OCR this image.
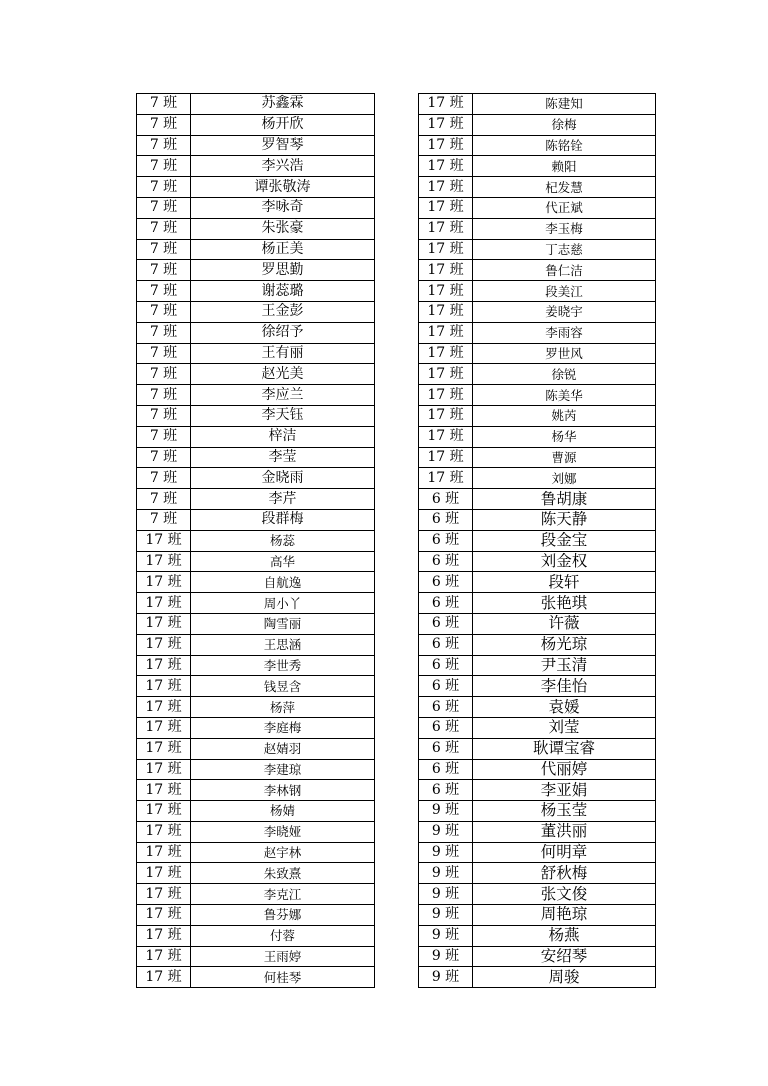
7 班	苏鑫霖
7 班	杨开欣
7 班	罗智琴
7 班	李兴浩
7 班	谭张敬涛
7 班	李咏奇
7 班	朱张豪
7 班	杨正美
7 班	罗思勤
7 班	谢蕊璐
7 班	王金彭
7 班	徐绍予
7 班	王有丽
7 班	赵光美
7 班	李应兰
7 班	李天钰
7 班	梓洁
7 班	李莹
7 班	金晓雨
7 班	李芹
7 班	段群梅
17 班	杨蕊
17 班	高华
17 班	自航逸
17 班	周小丫
17 班	陶雪丽
17 班	王思涵
17 班	李世秀
17 班	钱昱含
17 班	杨萍
17 班	李庭梅
17 班	赵婧羽
17 班	李建琼
17 班	李林钢
17 班	杨婧
17 班	李晓娅
17 班	赵宇林
17 班	朱致熹
17 班	李克江
17 班	鲁芬娜
17 班	付蓉
17 班	王雨婷
17 班	何桂琴
17 班	陈建知
17 班	徐梅
17 班	陈铭铨
17 班	赖阳
17 班	杞发慧
17 班	代正斌
17 班	李玉梅
17 班	丁志慈
17 班	鲁仁洁
17 班	段美江
17 班	姜晓宇
17 班	李雨容
17 班	罗世风
17 班	徐锐
17 班	陈美华
17 班	姚芮
17 班	杨华
17 班	曹源
17 班	刘娜
6 班	鲁胡康
6 班	陈天静
6 班	段金宝
6 班	刘金权
6 班	段轩
6 班	张艳琪
6 班	许薇
6 班	杨光琼
6 班	尹玉清
6 班	李佳怡
6 班	袁媛
6 班	刘莹
6 班	耿谭宝睿
6 班	代丽婷
6 班	李亚娟
9 班	杨玉莹
9 班	董洪丽
9 班	何明章
9 班	舒秋梅
9 班	张文俊
9 班	周艳琼
9 班	杨燕
9 班	安绍琴
9 班	周骏
